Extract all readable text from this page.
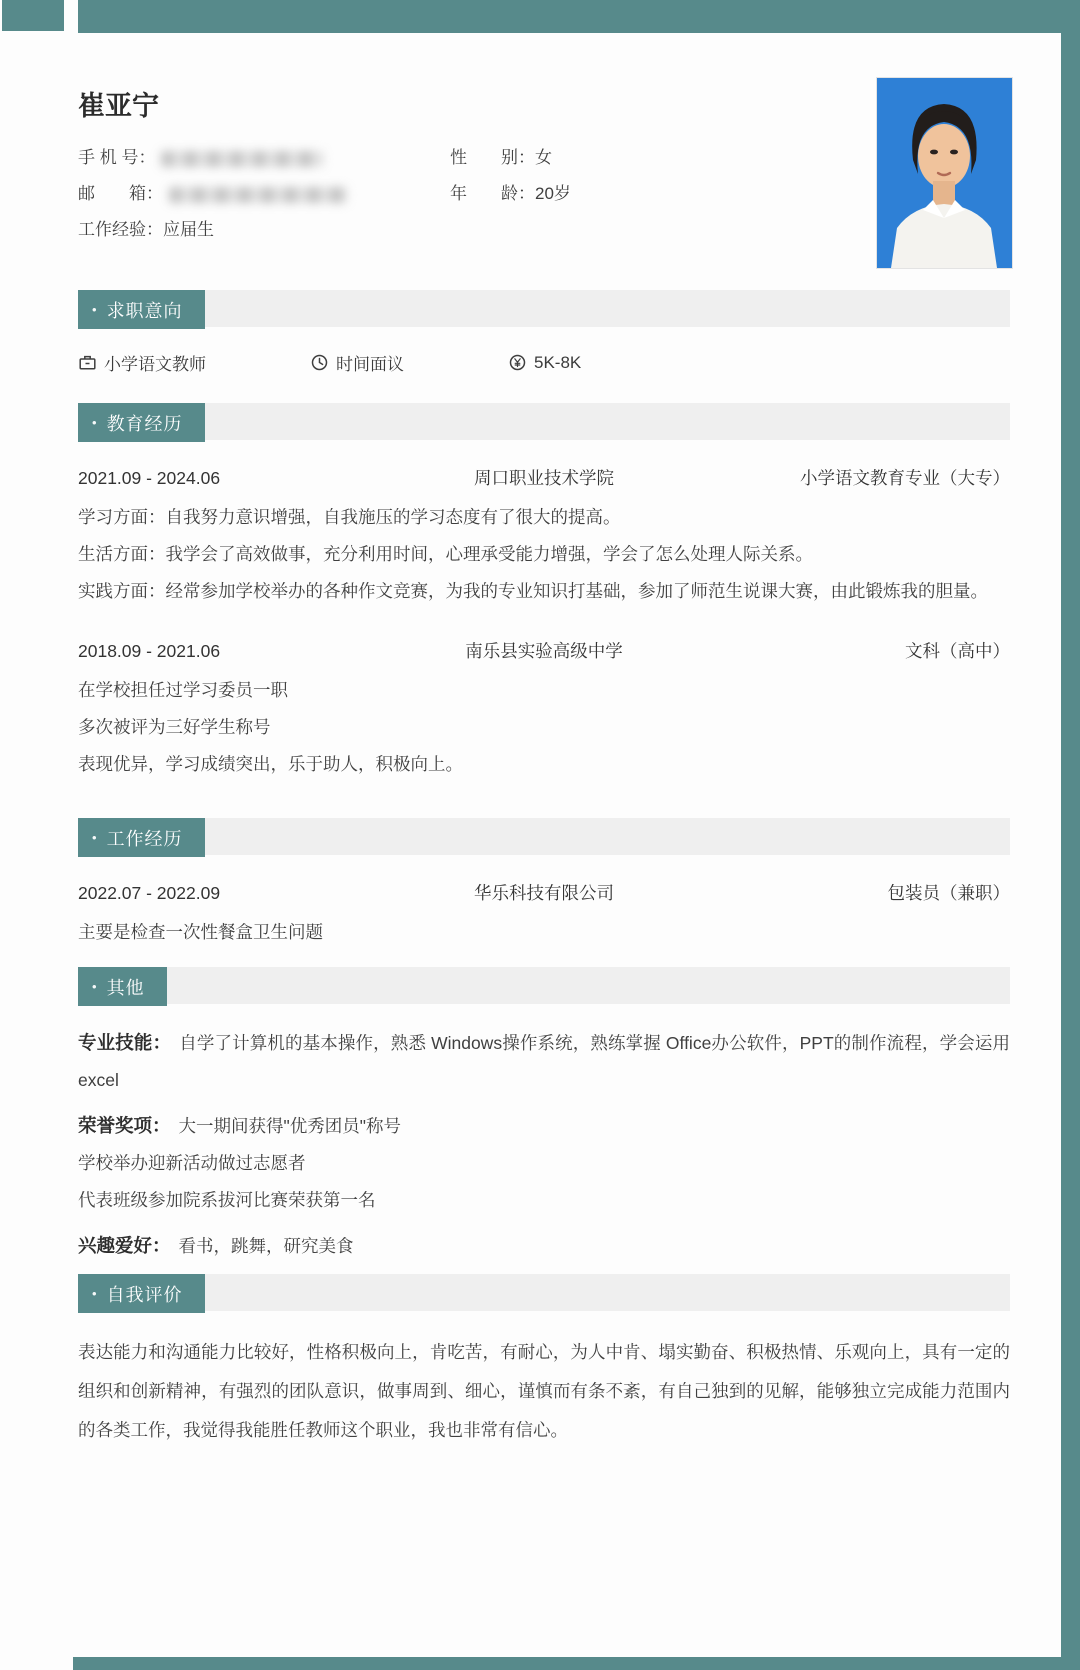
崔亚宁
手 机 号：	性　　别：女
邮　　箱：	年　　龄：20岁
工作经验：应届生
• 求职意向
小学语文教师	时间面议	5K-8K
• 教育经历
2021.09 - 2024.06	周口职业技术学院	小学语文教育专业（大专）

学习方面：自我努力意识增强，自我施压的学习态度有了很大的提高。

生活方面：我学会了高效做事，充分利用时间，心理承受能力增强，学会了怎么处理人际关系。

实践方面：经常参加学校举办的各种作文竞赛，为我的专业知识打基础，参加了师范生说课大赛，由此锻炼我的胆量。

2018.09 - 2021.06	南乐县实验高级中学	文科（高中）

在学校担任过学习委员一职

多次被评为三好学生称号

表现优异，学习成绩突出，乐于助人，积极向上。

• 工作经历
2022.07 - 2022.09	华乐科技有限公司	包装员（兼职）

主要是检查一次性餐盒卫生问题

• 其他

专业技能： 自学了计算机的基本操作，熟悉 Windows操作系统，熟练掌握 Office办公软件，PPT的制作流程，学会运用excel

荣誉奖项： 大一期间获得"优秀团员"称号

学校举办迎新活动做过志愿者

代表班级参加院系拔河比赛荣获第一名

兴趣爱好： 看书，跳舞，研究美食

• 自我评价

表达能力和沟通能力比较好，性格积极向上，肯吃苦，有耐心，为人中肯、塌实勤奋、积极热情、乐观向上，具有一定的组织和创新精神，有强烈的团队意识，做事周到、细心，谨慎而有条不紊，有自己独到的见解，能够独立完成能力范围内的各类工作，我觉得我能胜任教师这个职业，我也非常有信心。
